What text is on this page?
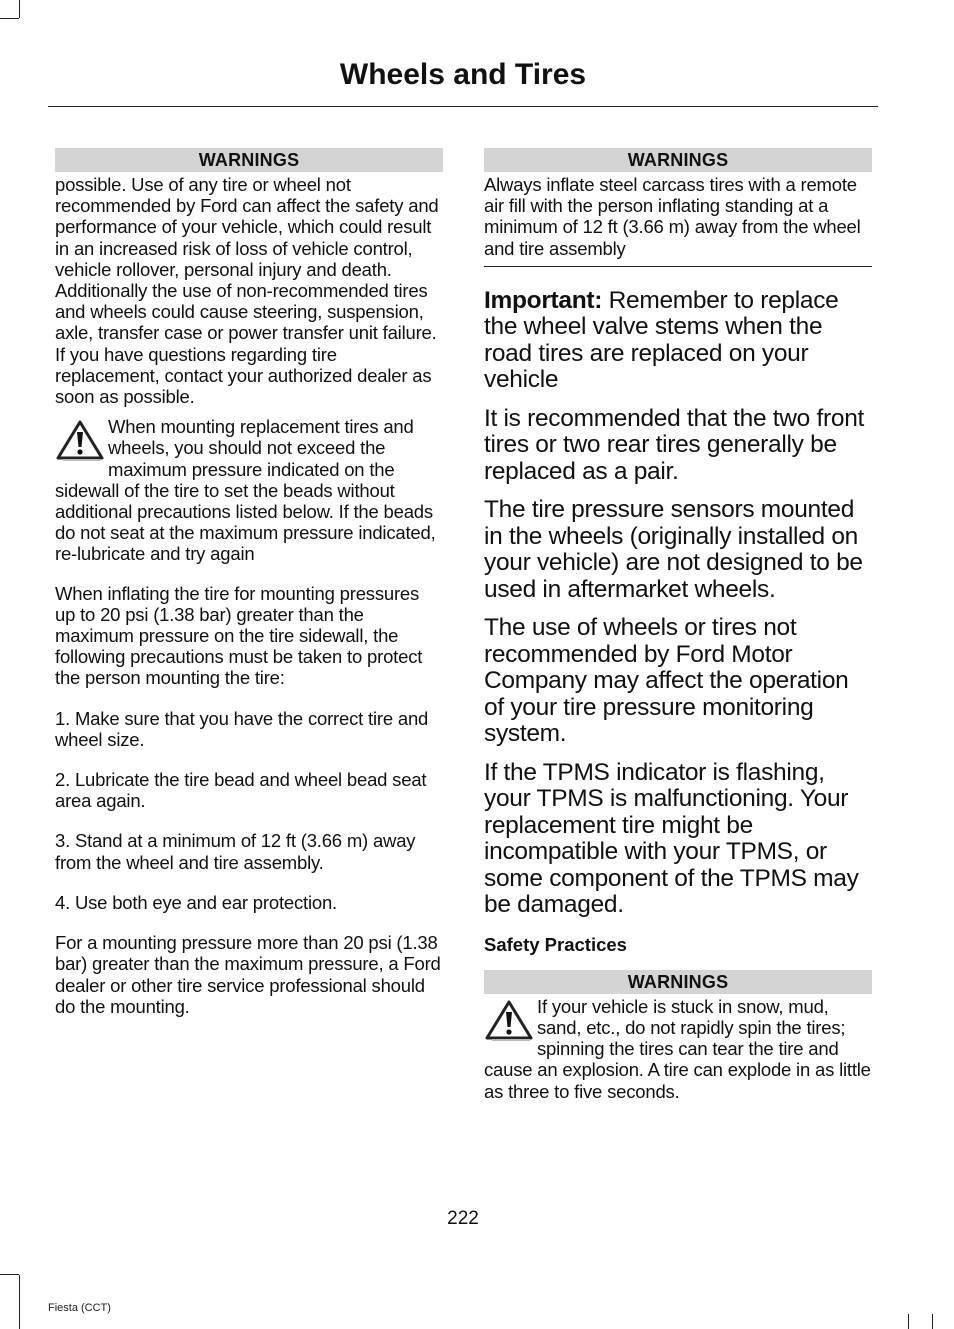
Wheels and Tires
WARNINGS

possible. Use of any tire or wheel not recommended by Ford can affect the safety and performance of your vehicle, which could result in an increased risk of loss of vehicle control, vehicle rollover, personal injury and death. Additionally the use of non-recommended tires and wheels could cause steering, suspension, axle, transfer case or power transfer unit failure. If you have questions regarding tire replacement, contact your authorized dealer as soon as possible.

When mounting replacement tires and wheels, you should not exceed the maximum pressure indicated on the sidewall of the tire to set the beads without additional precautions listed below. If the beads do not seat at the maximum pressure indicated, re-lubricate and try again

When inflating the tire for mounting pressures up to 20 psi (1.38 bar) greater than the maximum pressure on the tire sidewall, the following precautions must be taken to protect the person mounting the tire:

1. Make sure that you have the correct tire and wheel size.

2. Lubricate the tire bead and wheel bead seat area again.

3. Stand at a minimum of 12 ft (3.66 m) away from the wheel and tire assembly.

4. Use both eye and ear protection.

For a mounting pressure more than 20 psi (1.38 bar) greater than the maximum pressure, a Ford dealer or other tire service professional should do the mounting.

WARNINGS

Always inflate steel carcass tires with a remote air fill with the person inflating standing at a minimum of 12 ft (3.66 m) away from the wheel and tire assembly

Important: Remember to replace the wheel valve stems when the road tires are replaced on your vehicle

It is recommended that the two front tires or two rear tires generally be replaced as a pair.

The tire pressure sensors mounted in the wheels (originally installed on your vehicle) are not designed to be used in aftermarket wheels.

The use of wheels or tires not recommended by Ford Motor Company may affect the operation of your tire pressure monitoring system.

If the TPMS indicator is flashing, your TPMS is malfunctioning. Your replacement tire might be incompatible with your TPMS, or some component of the TPMS may be damaged.

Safety Practices

WARNINGS

If your vehicle is stuck in snow, mud, sand, etc., do not rapidly spin the tires; spinning the tires can tear the tire and cause an explosion. A tire can explode in as little as three to five seconds.

222
Fiesta (CCT)
